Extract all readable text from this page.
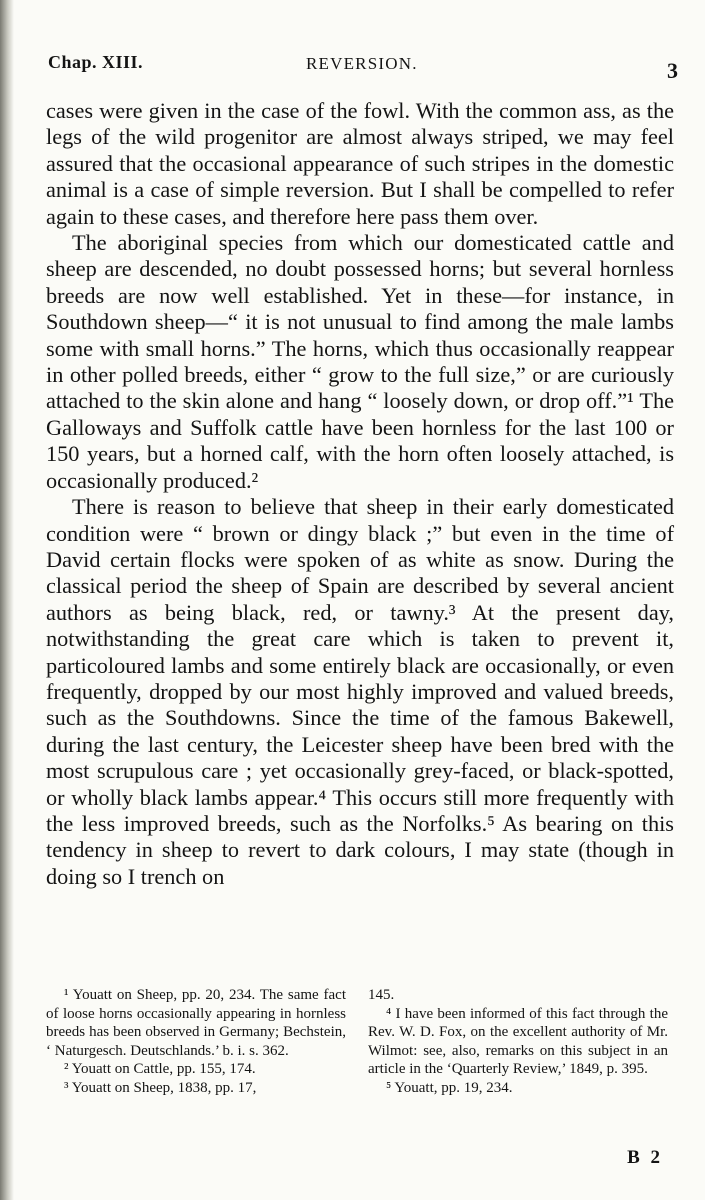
Chap. XIII.	REVERSION.	3

cases were given in the case of the fowl. With the common ass, as the legs of the wild progenitor are almost always striped, we may feel assured that the occasional appearance of such stripes in the domestic animal is a case of simple reversion. But I shall be compelled to refer again to these cases, and therefore here pass them over.

The aboriginal species from which our domesticated cattle and sheep are descended, no doubt possessed horns; but several hornless breeds are now well established. Yet in these—for instance, in Southdown sheep—“ it is not unusual to find among the male lambs some with small horns.” The horns, which thus occasionally reappear in other polled breeds, either “ grow to the full size,” or are curiously attached to the skin alone and hang “ loosely down, or drop off.”¹ The Galloways and Suffolk cattle have been hornless for the last 100 or 150 years, but a horned calf, with the horn often loosely attached, is occasionally produced.²

There is reason to believe that sheep in their early domesticated condition were “ brown or dingy black ;” but even in the time of David certain flocks were spoken of as white as snow. During the classical period the sheep of Spain are described by several ancient authors as being black, red, or tawny.³ At the present day, notwithstanding the great care which is taken to prevent it, particoloured lambs and some entirely black are occasionally, or even frequently, dropped by our most highly improved and valued breeds, such as the Southdowns. Since the time of the famous Bakewell, during the last century, the Leicester sheep have been bred with the most scrupulous care ; yet occasionally grey-faced, or black-spotted, or wholly black lambs appear.⁴ This occurs still more frequently with the less improved breeds, such as the Norfolks.⁵ As bearing on this tendency in sheep to revert to dark colours, I may state (though in doing so I trench on

¹ Youatt on Sheep, pp. 20, 234. The same fact of loose horns occasionally appearing in hornless breeds has been observed in Germany; Bechstein, ‘ Naturgesch. Deutschlands.’ b. i. s. 362.

² Youatt on Cattle, pp. 155, 174.

³ Youatt on Sheep, 1838, pp. 17,

145.

⁴ I have been informed of this fact through the Rev. W. D. Fox, on the excellent authority of Mr. Wilmot: see, also, remarks on this subject in an article in the ‘Quarterly Review,’ 1849, p. 395.

⁵ Youatt, pp. 19, 234.

B 2
